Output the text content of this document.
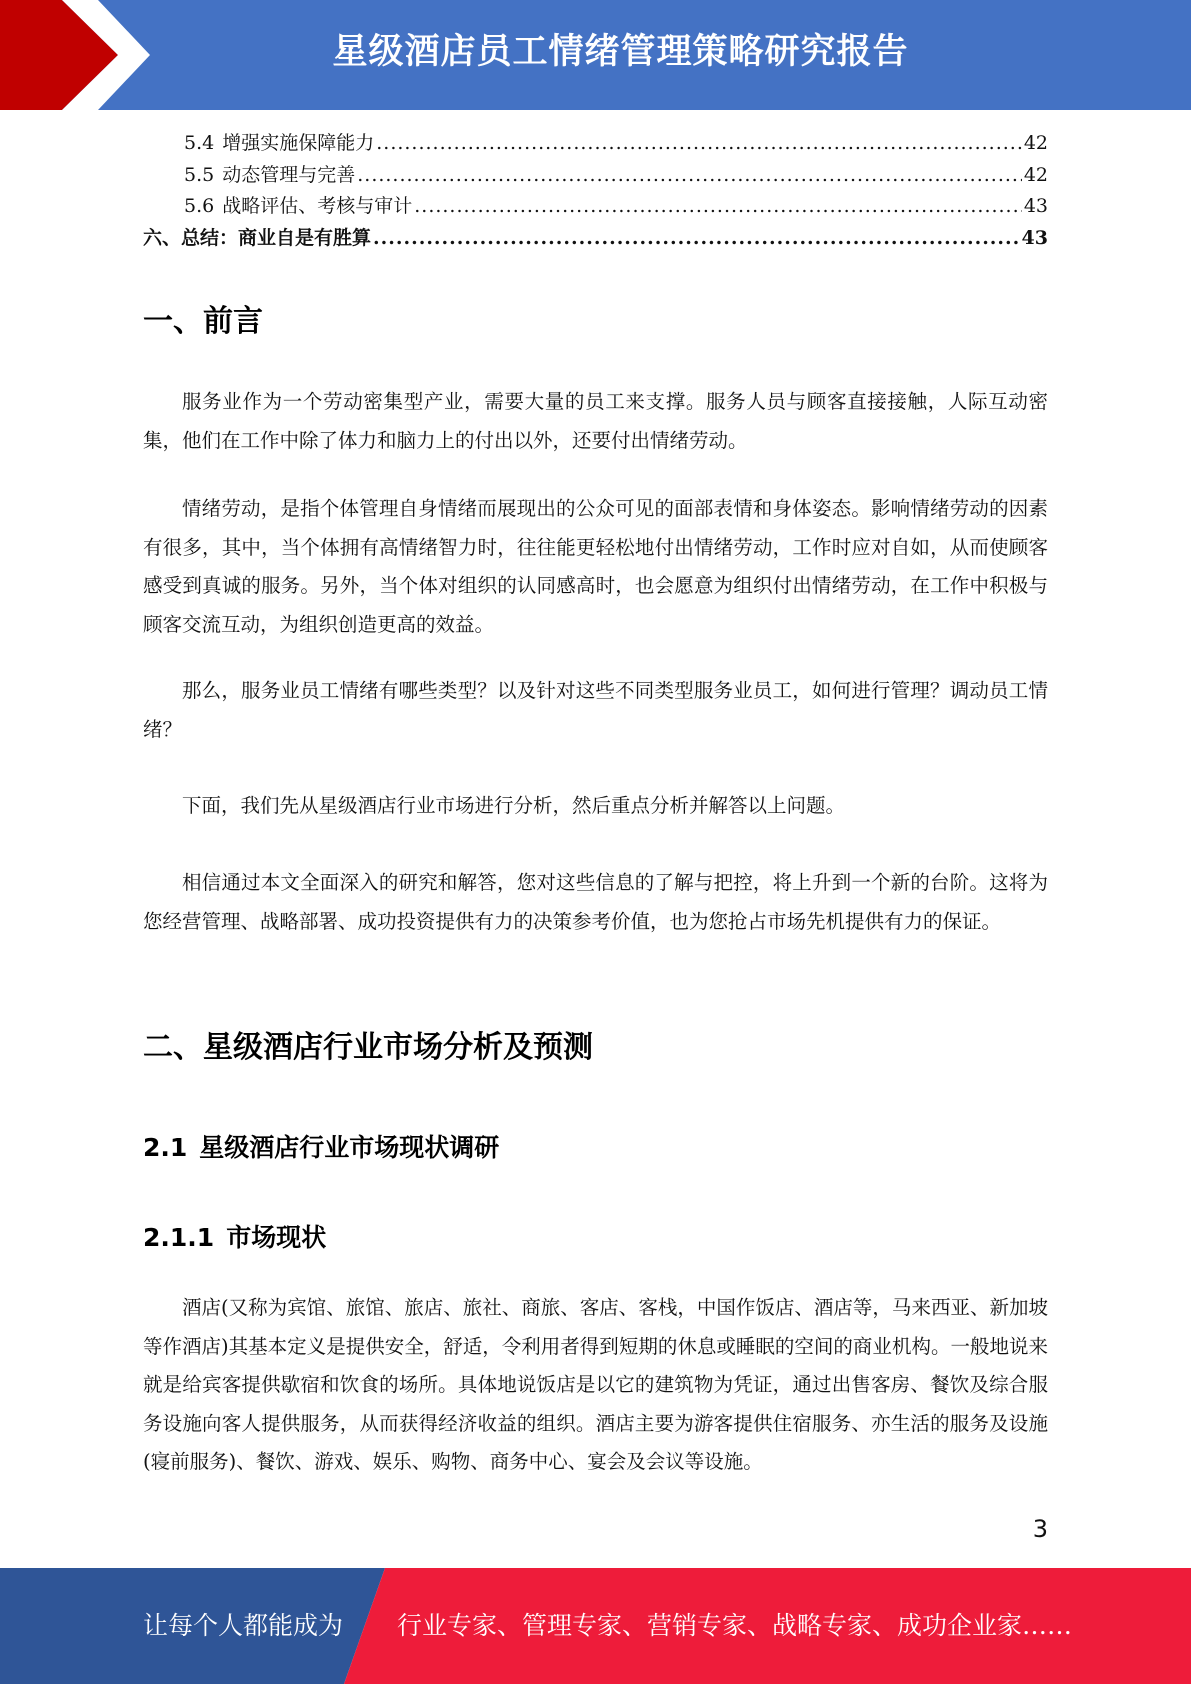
星级酒店员工情绪管理策略研究报告
5.4 增强实施保障能力 .....	42
5.5 动态管理与完善 .....	42
5.6 战略评估、考核与审计 .....	43
六、总结：商业自是有胜算 .....	43
一、前言

服务业作为一个劳动密集型产业，需要大量的员工来支撑。服务人员与顾客直接接触，人际互动密集，他们在工作中除了体力和脑力上的付出以外，还要付出情绪劳动。

情绪劳动，是指个体管理自身情绪而展现出的公众可见的面部表情和身体姿态。影响情绪劳动的因素有很多，其中，当个体拥有高情绪智力时，往往能更轻松地付出情绪劳动，工作时应对自如，从而使顾客感受到真诚的服务。另外，当个体对组织的认同感高时，也会愿意为组织付出情绪劳动，在工作中积极与顾客交流互动，为组织创造更高的效益。

那么，服务业员工情绪有哪些类型？以及针对这些不同类型服务业员工，如何进行管理？调动员工情绪？

下面，我们先从星级酒店行业市场进行分析，然后重点分析并解答以上问题。

相信通过本文全面深入的研究和解答，您对这些信息的了解与把控，将上升到一个新的台阶。这将为您经营管理、战略部署、成功投资提供有力的决策参考价值，也为您抢占市场先机提供有力的保证。

二、星级酒店行业市场分析及预测
2.1 星级酒店行业市场现状调研
2.1.1 市场现状

酒店(又称为宾馆、旅馆、旅店、旅社、商旅、客店、客栈，中国作饭店、酒店等，马来西亚、新加坡等作酒店)其基本定义是提供安全，舒适，令利用者得到短期的休息或睡眠的空间的商业机构。一般地说来就是给宾客提供歇宿和饮食的场所。具体地说饭店是以它的建筑物为凭证，通过出售客房、餐饮及综合服务设施向客人提供服务，从而获得经济收益的组织。酒店主要为游客提供住宿服务、亦生活的服务及设施(寝前服务)、餐饮、游戏、娱乐、购物、商务中心、宴会及会议等设施。

3
让每个人都能成为 行业专家、管理专家、营销专家、战略专家、成功企业家……
